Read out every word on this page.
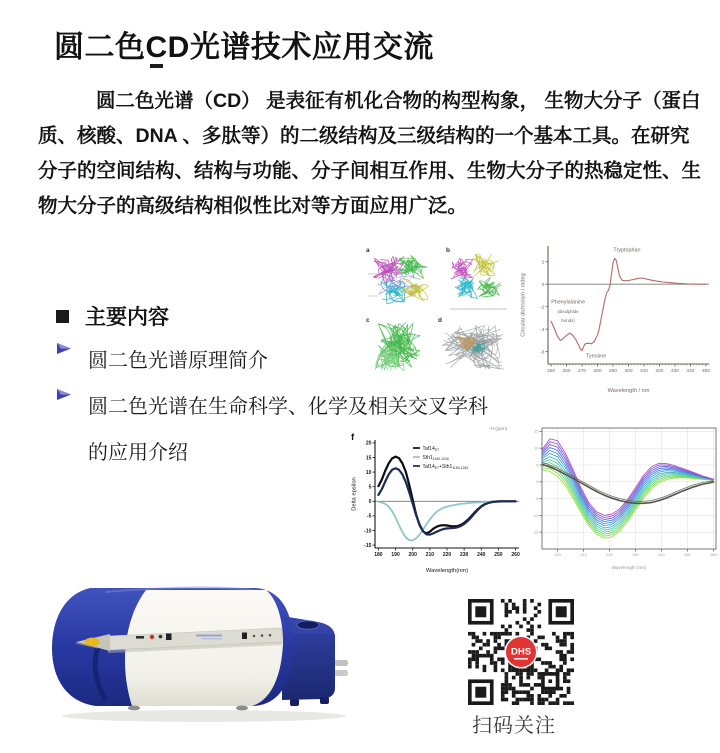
圆二色CD光谱技术应用交流
圆二色光谱（CD） 是表征有机化合物的构型构象， 生物大分子（蛋白
质、核酸、DNA 、多肽等）的二级结构及三级结构的一个基本工具。在研究
分子的空间结构、结构与功能、分子间相互作用、生物大分子的热稳定性、生
物大分子的高级结构相似性比对等方面应用广泛。
主要内容
圆二色光谱原理简介
圆二色光谱在生命科学、化学及相关交叉学科
的应用介绍
a	b
c	d
250 260 270 280 290 300 310 320 330 340 350
2
0
-2
-4
-6
Wavelength / nm
Circular dichroism / mdeg
Tryptophan
Phenylalanine
(disulphide
bonds)
Tyrosine
180 190 200 210 220 230 240 250 260
20
15
10
5
0
-5
-10
-15
Wavelength(nm)
Delta epsilon
$Taf14_{ET}$
$Sth1_{1160-1240}$
$Taf14_{ET}+Sth1_{1160-1240}$
f
¹H (ppm)
200	210	220	230	240	250	260
15
10
5
0
-5
-10
-15
Wavelength (nm)
DHS
扫码关注
